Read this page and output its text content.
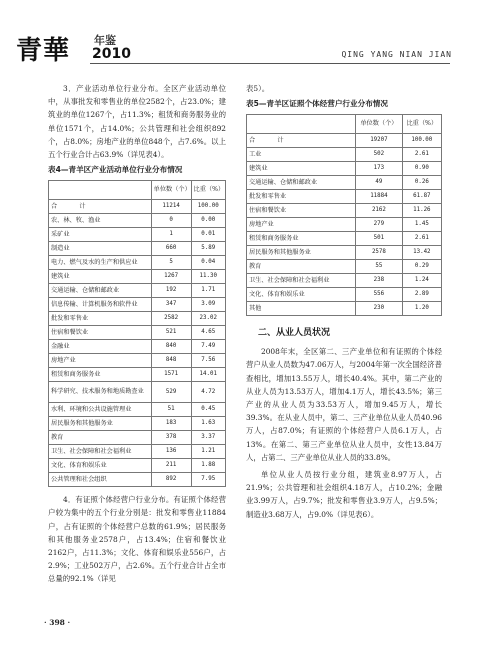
青華 年鉴
2010	QING YANG NIAN JIAN

3．产业活动单位行业分布。全区产业活动单位中，从事批发和零售业的单位2582个，占23.0%；建筑业的单位1267个，占11.3%；租赁和商务服务业的单位1571个，占14.0%；公共管理和社会组织892个，占8.0%；房地产业的单位848个，占7.6%。以上五个行业合计占63.9%（详见表4）。

表4—青羊区产业活动单位行业分布情况
	单位数（个）	比重（%）
合　计	11214	100.00
农、林、牧、渔业	0	0.00
采矿业	1	0.01
制造业	660	5.89
电力、燃气及水的生产和供应业	5	0.04
建筑业	1267	11.30
交通运输、仓储和邮政业	192	1.71
信息传输、计算机服务和软件业	347	3.09
批发和零售业	2582	23.02
住宿和餐饮业	521	4.65
金融业	840	7.49
房地产业	848	7.56
租赁和商务服务业	1571	14.01
科学研究、技术服务和地质勘查业	529	4.72
水利、环境和公共设施管理业	51	0.45
居民服务和其他服务业	183	1.63
教育	378	3.37
卫生、社会保障和社会福利业	136	1.21
文化、体育和娱乐业	211	1.88
公共管理和社会组织	892	7.95

4．有证照个体经营户行业分布。有证照个体经营户较为集中的五个行业分别是：批发和零售业11884户，占有证照的个体经营户总数的61.9%；居民服务和其他服务业2578户，占13.4%；住宿和餐饮业2162户，占11.3%；文化、体育和娱乐业556户，占2.9%；工业502万户，占2.6%。五个行业合计占全市总量的92.1%（详见

表5）。

表5—青羊区证照个体经营户行业分布情况
	单位数（个）	比重（%）
合　计	19207	100.00
工业	502	2.61
建筑业	173	0.90
交通运输、仓储和邮政业	49	0.26
批发和零售业	11884	61.87
住宿和餐饮业	2162	11.26
房地产业	279	1.45
租赁和商务服务业	501	2.61
居民服务和其他服务业	2578	13.42
教育	55	0.29
卫生、社会保障和社会福利业	238	1.24
文化、体育和娱乐业	556	2.89
其他	230	1.20
二、从业人员状况

2008年末，全区第二、三产业单位和有证照的个体经营户从业人员数为47.06万人，与2004年第一次全国经济普查相比，增加13.55万人，增长40.4%。其中，第二产业的从业人员为13.53万人，增加4.1万人，增长43.5%；第三产业的从业人员为33.53万人，增加9.45万人，增长39.3%。在从业人员中，第二、三产业单位从业人员40.96万人，占87.0%；有证照的个体经营户人员6.1万人，占13%。在第二、第三产业单位从业人员中，女性13.84万人，占第二、三产业单位从业人员的33.8%。

单位从业人员按行业分组，建筑业8.97万人，占21.9%；公共管理和社会组织4.18万人，占10.2%；金融业3.99万人，占9.7%；批发和零售业3.9万人，占9.5%；制造业3.68万人，占9.0%（详见表6）。

· 398 ·
